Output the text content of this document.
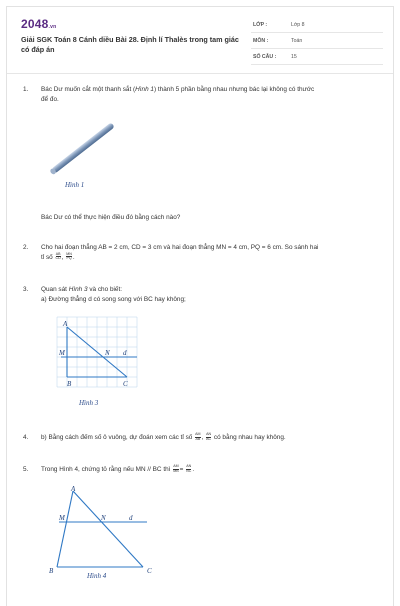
2048.vn
Giải SGK Toán 8 Cánh diều Bài 28. Định lí Thalès trong tam giác có đáp án
LỚP :	Lớp 8
MÔN :	Toán
SỐ CÂU :	15
1. Bác Dư muốn cắt một thanh sắt (Hình 1) thành 5 phần bằng nhau nhưng bác lại không có thước
để đo.
Hình 1
Bác Dư có thể thực hiện điều đó bằng cách nào?
2. Cho hai đoạn thẳng AB = 2 cm, CD = 3 cm và hai đoạn thẳng MN = 4 cm, PQ = 6 cm. So sánh hai
tỉ số $\frac{AB}{CD}$ , $\frac{MN}{PQ}$ .
3. Quan sát Hình 3 và cho biết:
a) Đường thẳng d có song song với BC hay không;
A
M	N d
B	C
Hình 3
4. b) Bằng cách đếm số ô vuông, dự đoán xem các tỉ số $\frac{AM}{AB}$ , $\frac{AN}{AC}$ có bằng nhau hay không.
5. Trong Hình 4, chứng tỏ rằng nếu MN // BC thì $\frac{AM}{MB} = \frac{AN}{NC}$ .
A
M	N	d
B	C
Hình 4
